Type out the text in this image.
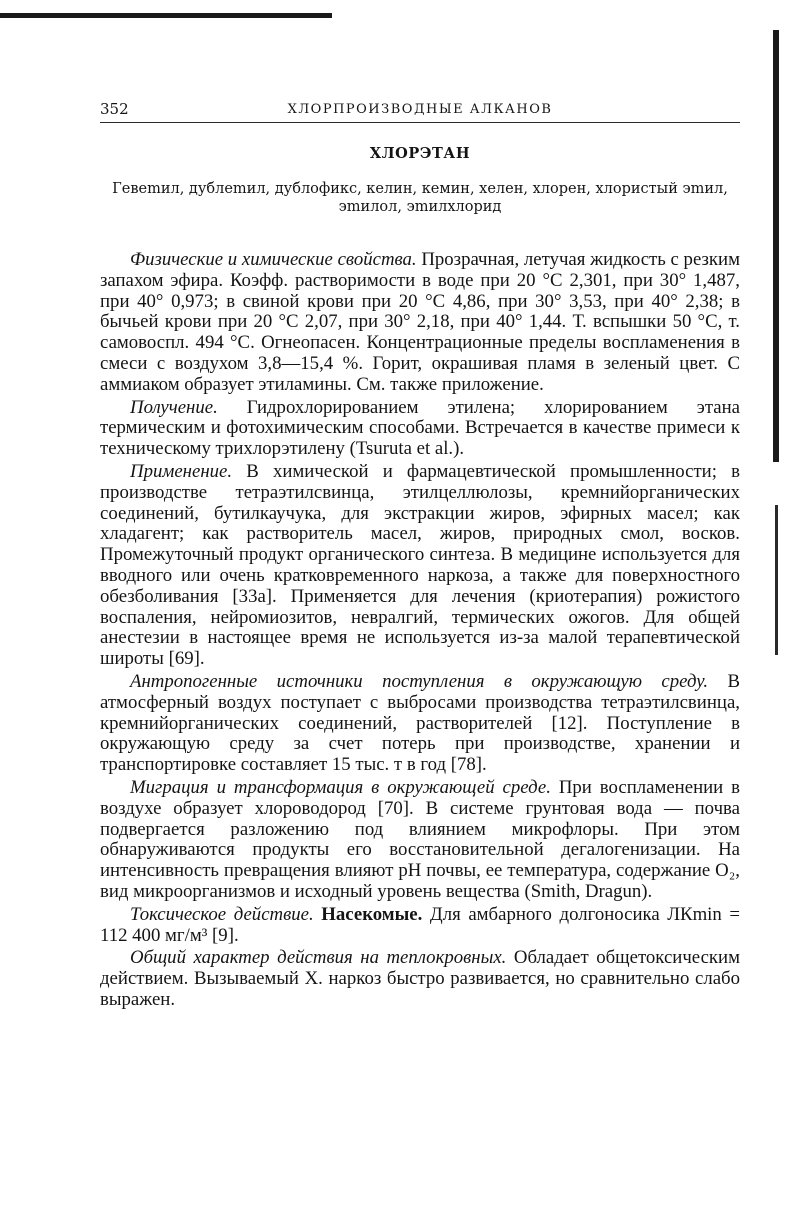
352	ХЛОРПРОИЗВОДНЫЕ АЛКАНОВ
ХЛОРЭТАН
Гевеmил, дублеmил, дублофикс, келин, кемин, хелен, хлорен, хлористый эmил,
эmилол, эmилхлорид

Физические и химические свойства. Прозрачная, летучая жидкость с резким запахом эфира. Коэфф. растворимости в воде при 20 °С 2,301, при 30° 1,487, при 40° 0,973; в свиной крови при 20 °С 4,86, при 30° 3,53, при 40° 2,38; в бычьей крови при 20 °С 2,07, при 30° 2,18, при 40° 1,44. Т. вспышки 50 °С, т. самовоспл. 494 °С. Огнеопасен. Концентрационные пределы воспламенения в смеси с воздухом 3,8—15,4 %. Горит, окрашивая пламя в зеленый цвет. С аммиаком образует этиламины. См. также приложение.

Получение. Гидрохлорированием этилена; хлорированием этана термическим и фотохимическим способами. Встречается в качестве примеси к техническому трихлорэтилену (Tsuruta et al.).

Применение. В химической и фармацевтической промышленности; в производстве тетраэтилсвинца, этилцеллюлозы, кремнийорганических соединений, бутилкаучука, для экстракции жиров, эфирных масел; как хладагент; как растворитель масел, жиров, природных смол, восков. Промежуточный продукт органического синтеза. В медицине используется для вводного или очень кратковременного наркоза, а также для поверхностного обезболивания [33a]. Применяется для лечения (криотерапия) рожистого воспаления, нейромиозитов, невралгий, термических ожогов. Для общей анестезии в настоящее время не используется из-за малой терапевтической широты [69].

Антропогенные источники поступления в окружающую среду. В атмосферный воздух поступает с выбросами производства тетраэтилсвинца, кремнийорганических соединений, растворителей [12]. Поступление в окружающую среду за счет потерь при производстве, хранении и транспортировке составляет 15 тыс. т в год [78].

Миграция и трансформация в окружающей среде. При воспламенении в воздухе образует хлороводород [70]. В системе грунтовая вода — почва подвергается разложению под влиянием микрофлоры. При этом обнаруживаются продукты его восстановительной дегалогенизации. На интенсивность превращения влияют pH почвы, ее температура, содержание O₂, вид микроорганизмов и исходный уровень вещества (Smith, Dragun).

Токсическое действие. Насекомые. Для амбарного долгоносика ЛКmin = 112 400 мг/м³ [9].

Общий характер действия на теплокровных. Обладает общетоксическим действием. Вызываемый Х. наркоз быстро развивается, но сравнительно слабо выражен.
